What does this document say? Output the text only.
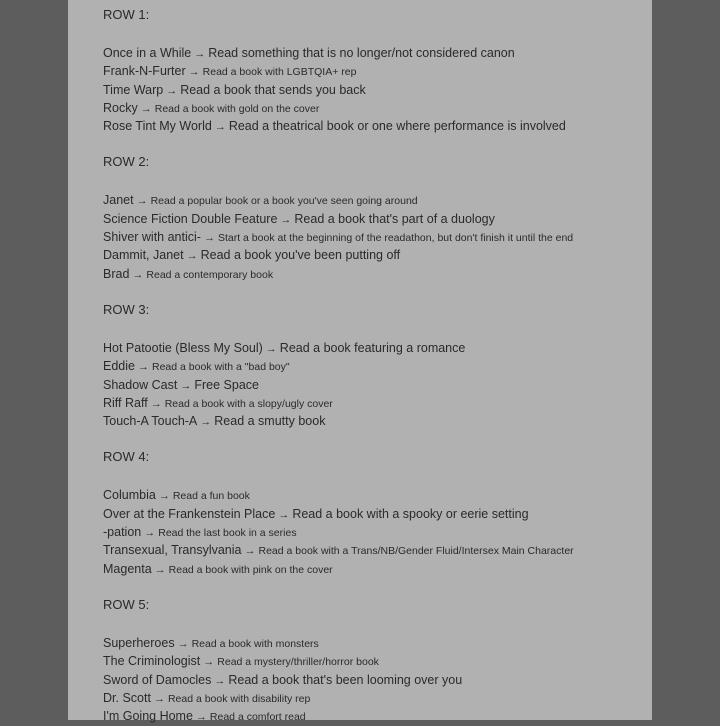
ROW 1:
Once in a While → Read something that is no longer/not considered canon
Frank-N-Furter → Read a book with LGBTQIA+ rep
Time Warp → Read a book that sends you back
Rocky → Read a book with gold on the cover
Rose Tint My World → Read a theatrical book or one where performance is involved
ROW 2:
Janet → Read a popular book or a book you've seen going around
Science Fiction Double Feature → Read a book that's part of a duology
Shiver with antici- → Start a book at the beginning of the readathon, but don't finish it until the end
Dammit, Janet → Read a book you've been putting off
Brad → Read a contemporary book
ROW 3:
Hot Patootie (Bless My Soul) → Read a book featuring a romance
Eddie → Read a book with a "bad boy"
Shadow Cast → Free Space
Riff Raff → Read a book with a slopy/ugly cover
Touch-A Touch-A → Read a smutty book
ROW 4:
Columbia → Read a fun book
Over at the Frankenstein Place → Read a book with a spooky or eerie setting
-pation → Read the last book in a series
Transexual, Transylvania → Read a book with a Trans/NB/Gender Fluid/Intersex Main Character
Magenta → Read a book with pink on the cover
ROW 5:
Superheroes → Read a book with monsters
The Criminologist → Read a mystery/thriller/horror book
Sword of Damocles → Read a book that's been looming over you
Dr. Scott → Read a book with disability rep
I'm Going Home → Read a comfort read
